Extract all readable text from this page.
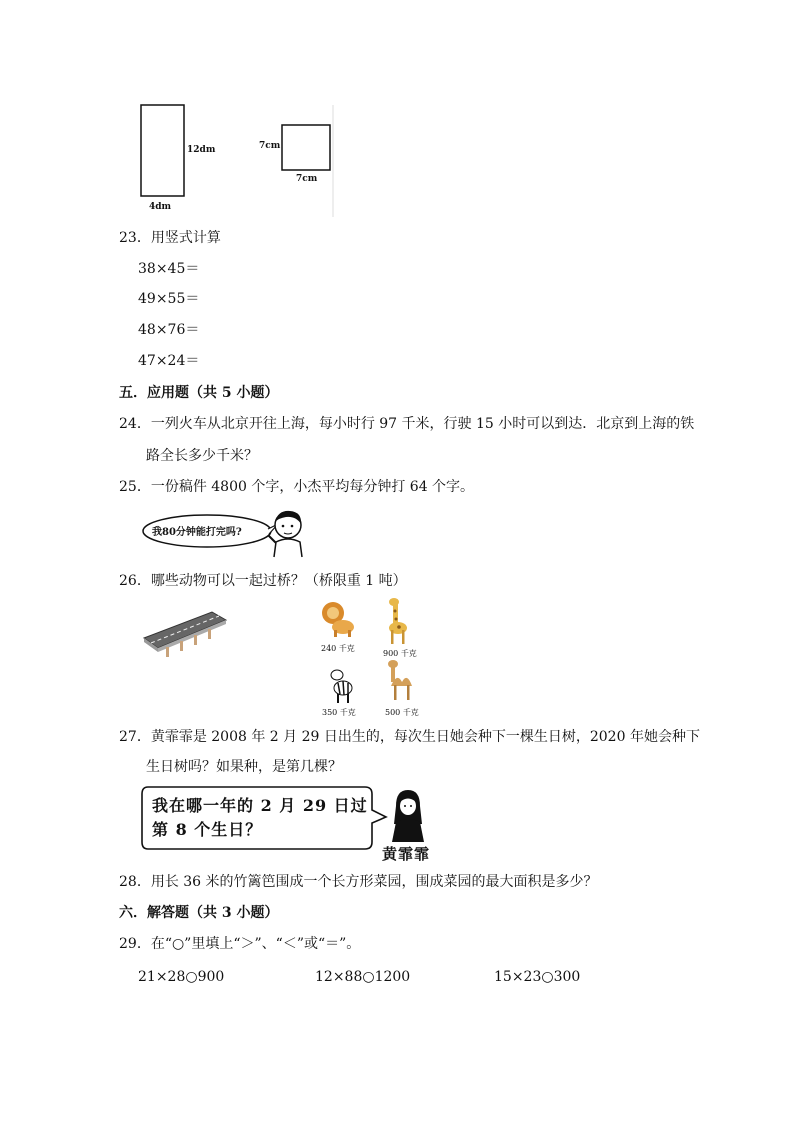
12dm
4dm
7cm
7cm
23．用竖式计算
38×45＝
49×55＝
48×76＝
47×24＝
五．应用题（共 5 小题）
24．一列火车从北京开往上海，每小时行 97 千米，行驶 15 小时可以到达．北京到上海的铁
路全长多少千米？
25．一份稿件 4800 个字，小杰平均每分钟打 64 个字。
我80分钟能打完吗?
26．哪些动物可以一起过桥？（桥限重 1 吨）
240 千克
900 千克
350 千克	500 千克
27．黄霏霏是 2008 年 2 月 29 日出生的，每次生日她会种下一棵生日树，2020 年她会种下
生日树吗？如果种，是第几棵？
我在哪一年的 2 月 29 日过
第 8 个生日？
黄霏霏
28．用长 36 米的竹篱笆围成一个长方形菜园，围成菜园的最大面积是多少？
六．解答题（共 3 小题）
29．在“○”里填上“＞”、“＜”或“＝”。
21×28○900	12×88○1200	15×23○300
